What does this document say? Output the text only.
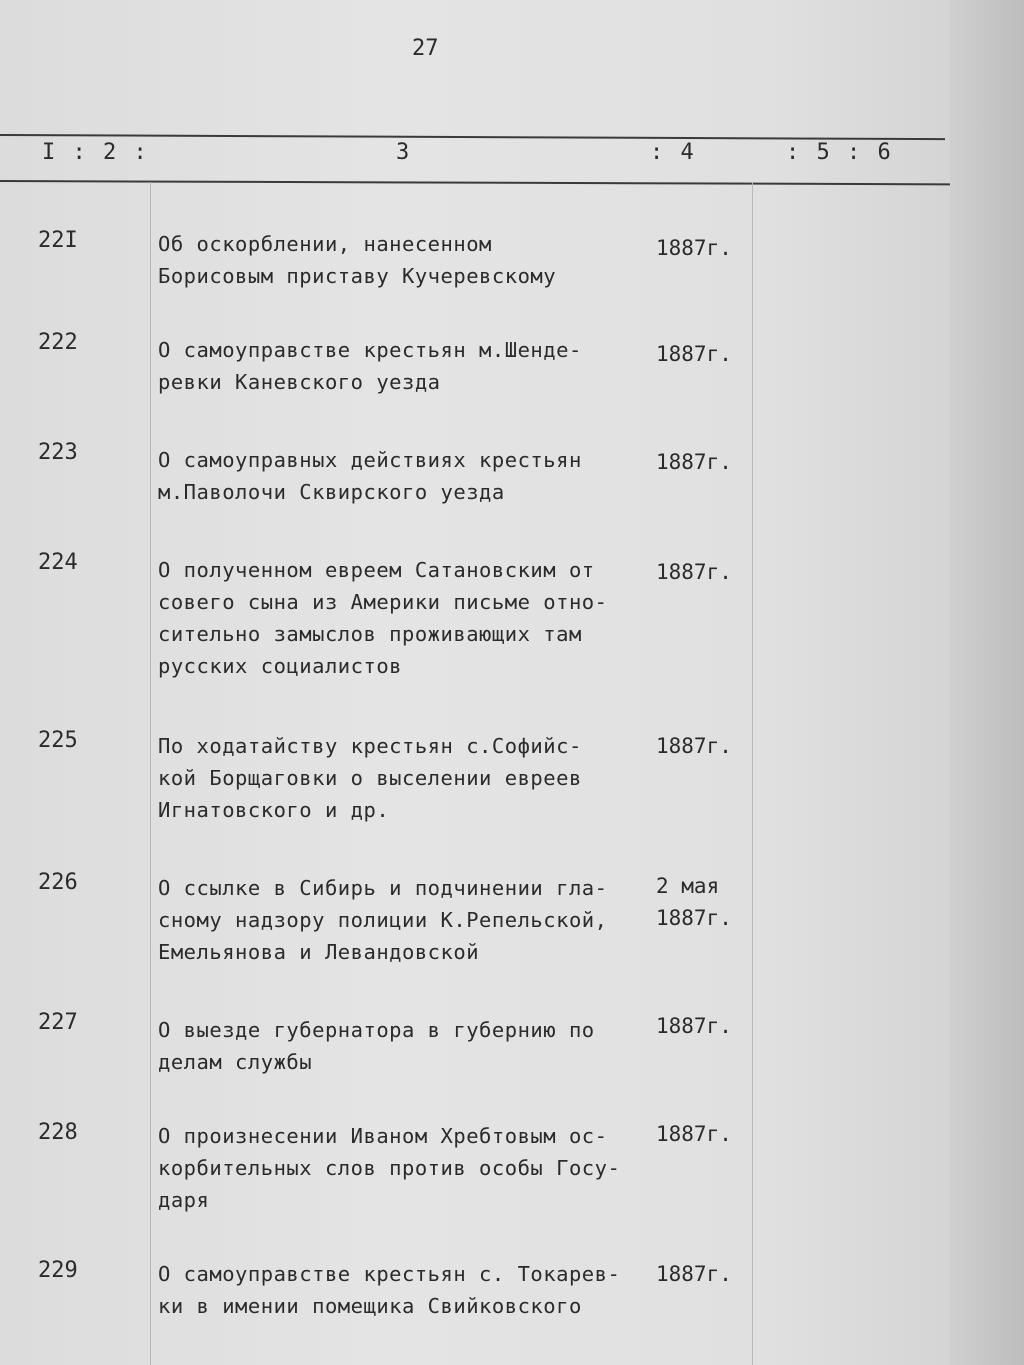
27
I : 2 :	3	: 4	: 5 : 6
22I	Об оскорблении, нанесенном
Борисовым приставу Кучеревскому
1887г.
222	О самоуправстве крестьян м.Шендe-
ревки Каневского уезда
1887г.
223	О самоуправных действиях крестьян
м.Паволочи Сквирского уезда
1887г.
224	О полученном евреем Сатановским от
совего сына из Америки письме отно-
сительно замыслов проживающих там
русских социалистов
1887г.
225	По ходатайству крестьян с.Софийс-
кой Борщаговки о выселении евреев
Игнатовского и др.
1887г.
226	О ссылке в Сибирь и подчинении гла-
сному надзору полиции К.Репельской,
Емельянова и Левандовской
2 мая
1887г.
227	О выезде губернатора в губернию по
делам службы
1887г.
228	О произнесении Иваном Хребтовым ос-
корбительных слов против особы Госу-
даря
1887г.
229	О самоуправстве крестьян с. Токарев-
ки в имении помещика Свийковского
1887г.
